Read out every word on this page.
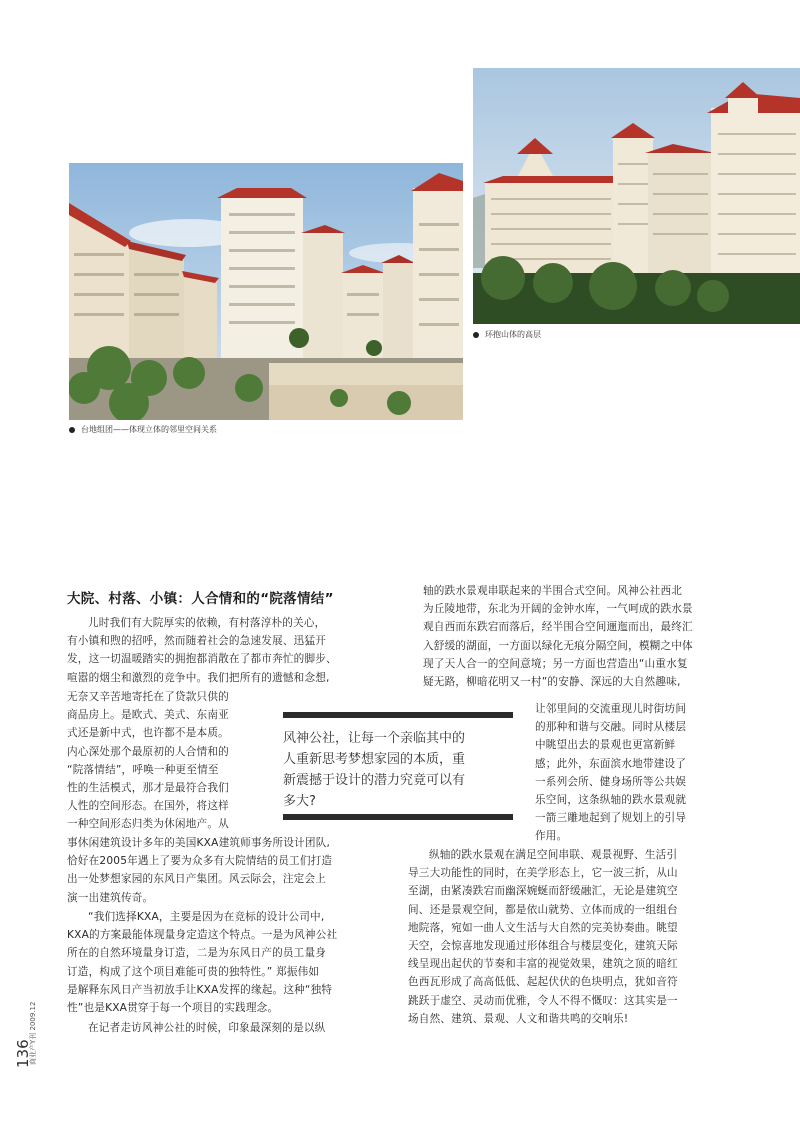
台地组团——体现立体的邻里空间关系
环抱山体的高层
大院、村落、小镇：人合情和的“院落情结”
儿时我们有大院厚实的依赖，有村落淳朴的关心，
有小镇和煦的招呼，然而随着社会的急速发展、迅猛开
发，这一切温暖踏实的拥抱都消散在了都市奔忙的脚步、
喧嚣的烟尘和激烈的竞争中。我们把所有的遗憾和念想,
无奈又辛苦地寄托在了贷款只供的
商品房上。是欧式、美式、东南亚
式还是新中式，也许都不是本质。
内心深处那个最原初的人合情和的
“院落情结”，呼唤一种更至情至
性的生活模式，那才是最符合我们
人性的空间形态。在国外，将这样
一种空间形态归类为休闲地产。从
事休闲建筑设计多年的美国KXA建筑师事务所设计团队,
恰好在2005年遇上了要为众多有大院情结的员工们打造
出一处梦想家园的东风日产集团。风云际会，注定会上
演一出建筑传奇。
“我们选择KXA，主要是因为在竞标的设计公司中,
KXA的方案最能体现量身定造这个特点。一是为风神公社
所在的自然环境量身订造，二是为东风日产的员工量身
订造，构成了这个项目难能可贵的独特性。” 郑振伟如
是解释东风日产当初放手让KXA发挥的缘起。这种“独特
性”也是KXA贯穿于每一个项目的实践理念。
在记者走访风神公社的时候，印象最深刻的是以纵
风神公社，让每一个亲临其中的
人重新思考梦想家园的本质，重
新震撼于设计的潜力究竟可以有
多大?
轴的跌水景观串联起来的半围合式空间。风神公社西北
为丘陵地带，东北为开阔的金钟水库，一气呵成的跌水景
观自西而东跌宕而落后，经半围合空间逦迤而出，最终汇
入舒缓的湖面，一方面以绿化无痕分隔空间，模糊之中体
现了天人合一的空间意境；另一方面也营造出“山重水复
疑无路，柳暗花明又一村”的安静、深远的大自然趣味,
让邻里间的交流重现儿时街坊间
的那种和谐与交融。同时从楼层
中眺望出去的景观也更富新鲜
感；此外，东面滨水地带建设了
一系列会所、健身场所等公共娱
乐空间，这条纵轴的跌水景观就
一箭三雕地起到了规划上的引导
作用。
纵轴的跌水景观在满足空间串联、观景视野、生活引
导三大功能性的同时，在美学形态上，它一波三折，从山
至湖，由紧凑跌宕而幽深婉蜒而舒缓融汇，无论是建筑空
间、还是景观空间，都是依山就势、立体而成的一组组台
地院落，宛如一曲人文生活与大自然的完美协奏曲。眺望
天空，会惊喜地发现通过形体组合与楼层变化，建筑天际
线呈现出起伏的节奏和丰富的视觉效果，建筑之顶的暗红
色西瓦形成了高高低低、起起伏伏的色块明点，犹如音符
跳跃于虚空、灵动而优雅，令人不得不慨叹：这其实是一
场自然、建筑、景观、人文和谐共鸣的交响乐!
136
商业产Y刊 2009.12
